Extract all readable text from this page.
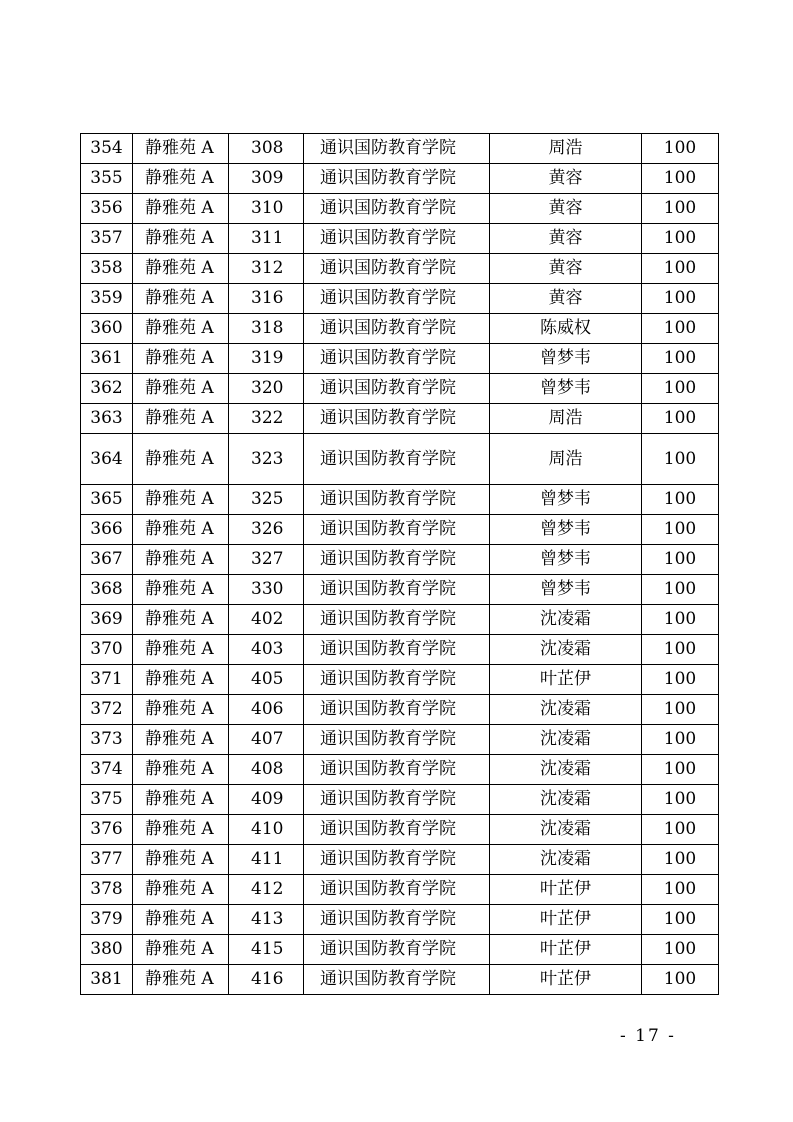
354	静雅苑 A	308	通识国防教育学院	周浩	100
355	静雅苑 A	309	通识国防教育学院	黄容	100
356	静雅苑 A	310	通识国防教育学院	黄容	100
357	静雅苑 A	311	通识国防教育学院	黄容	100
358	静雅苑 A	312	通识国防教育学院	黄容	100
359	静雅苑 A	316	通识国防教育学院	黄容	100
360	静雅苑 A	318	通识国防教育学院	陈威权	100
361	静雅苑 A	319	通识国防教育学院	曾梦韦	100
362	静雅苑 A	320	通识国防教育学院	曾梦韦	100
363	静雅苑 A	322	通识国防教育学院	周浩	100
364	静雅苑 A	323	通识国防教育学院	周浩	100
365	静雅苑 A	325	通识国防教育学院	曾梦韦	100
366	静雅苑 A	326	通识国防教育学院	曾梦韦	100
367	静雅苑 A	327	通识国防教育学院	曾梦韦	100
368	静雅苑 A	330	通识国防教育学院	曾梦韦	100
369	静雅苑 A	402	通识国防教育学院	沈凌霜	100
370	静雅苑 A	403	通识国防教育学院	沈凌霜	100
371	静雅苑 A	405	通识国防教育学院	叶芷伊	100
372	静雅苑 A	406	通识国防教育学院	沈凌霜	100
373	静雅苑 A	407	通识国防教育学院	沈凌霜	100
374	静雅苑 A	408	通识国防教育学院	沈凌霜	100
375	静雅苑 A	409	通识国防教育学院	沈凌霜	100
376	静雅苑 A	410	通识国防教育学院	沈凌霜	100
377	静雅苑 A	411	通识国防教育学院	沈凌霜	100
378	静雅苑 A	412	通识国防教育学院	叶芷伊	100
379	静雅苑 A	413	通识国防教育学院	叶芷伊	100
380	静雅苑 A	415	通识国防教育学院	叶芷伊	100
381	静雅苑 A	416	通识国防教育学院	叶芷伊	100
- 17 -
